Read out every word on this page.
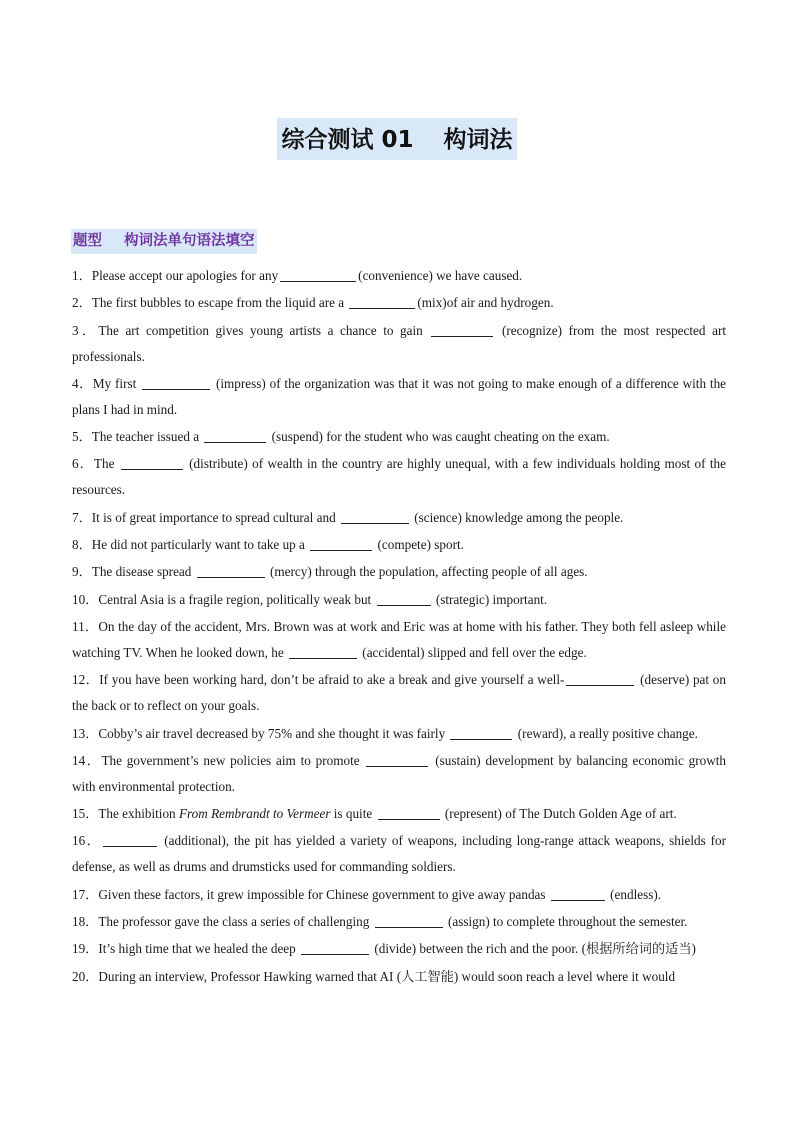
综合测试 01 构词法
题型 构词法单句语法填空
1．Please accept our apologies for any	(convenience) we have caused.
2．The first bubbles to escape from the liquid are a	(mix)of air and hydrogen.
3．The art competition gives young artists a chance to gain	(recognize) from the most respected art professionals.
4．My first	(impress) of the organization was that it was not going to make enough of a difference with the plans I had in mind.
5．The teacher issued a	(suspend) for the student who was caught cheating on the exam.
6．The	(distribute) of wealth in the country are highly unequal, with a few individuals holding most of the resources.
7．It is of great importance to spread cultural and	(science) knowledge among the people.
8．He did not particularly want to take up a	(compete) sport.
9．The disease spread	(mercy) through the population, affecting people of all ages.
10．Central Asia is a fragile region, politically weak but	(strategic) important.
11．On the day of the accident, Mrs. Brown was at work and Eric was at home with his father. They both fell asleep while watching TV. When he looked down, he	(accidental) slipped and fell over the edge.
12．If you have been working hard, don’t be afraid to ake a break and give yourself a well-	(deserve) pat on the back or to reflect on your goals.
13．Cobby’s air travel decreased by 75% and she thought it was fairly	(reward), a really positive change.
14．The government’s new policies aim to promote	(sustain) development by balancing economic growth with environmental protection.
15．The exhibition From Rembrandt to Vermeer is quite	(represent) of The Dutch Golden Age of art.
16．	(additional), the pit has yielded a variety of weapons, including long-range attack weapons, shields for defense, as well as drums and drumsticks used for commanding soldiers.
17．Given these factors, it grew impossible for Chinese government to give away pandas	(endless).
18．The professor gave the class a series of challenging	(assign) to complete throughout the semester.
19．It’s high time that we healed the deep	(divide) between the rich and the poor. (根据所给词的适当)
20．During an interview, Professor Hawking warned that AI (人工智能) would soon reach a level where it would
